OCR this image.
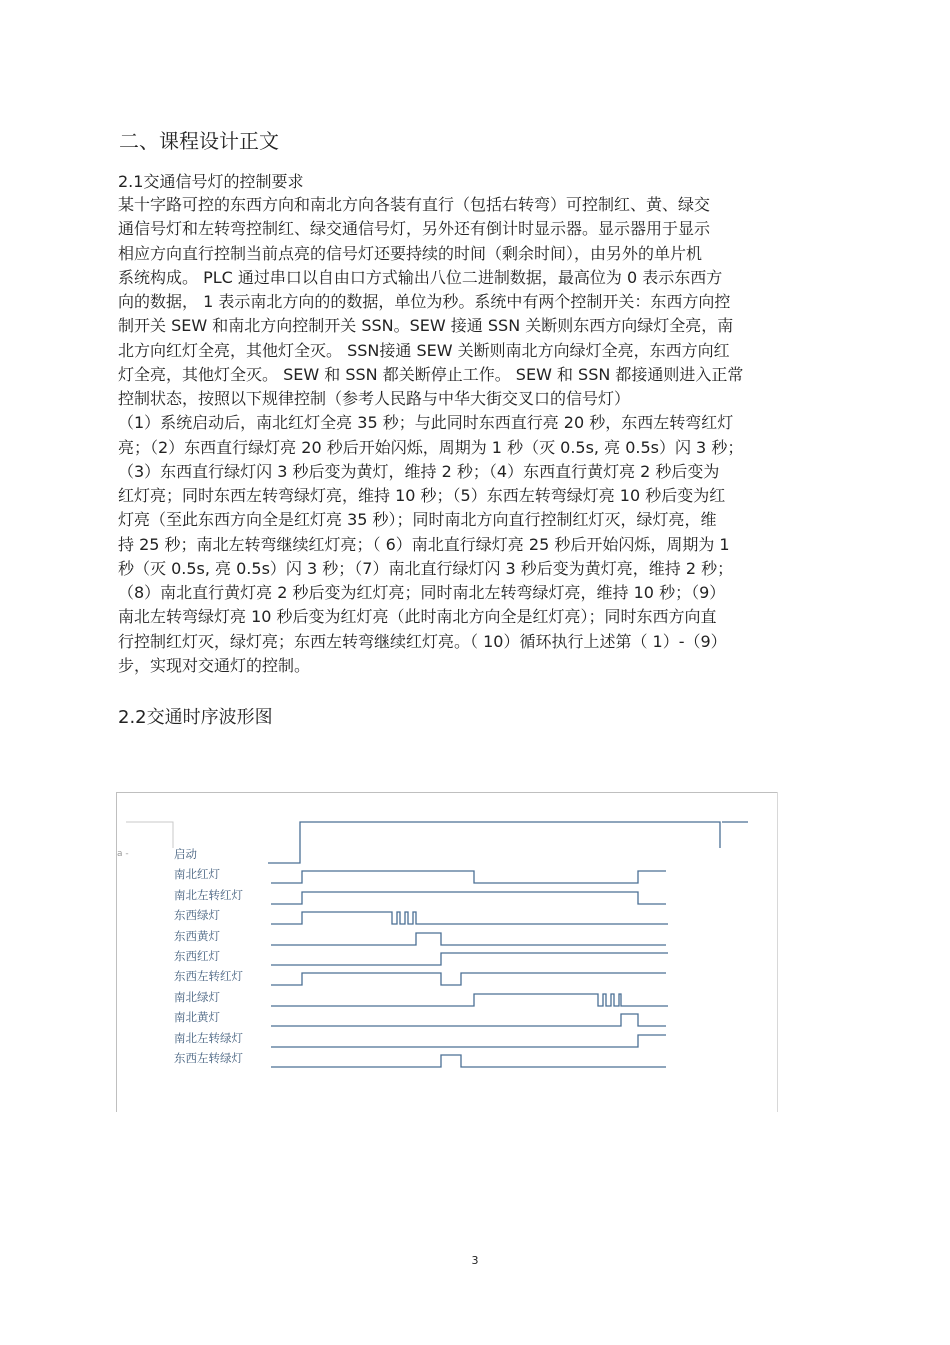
二、课程设计正文
2.1交通信号灯的控制要求
某十字路可控的东西方向和南北方向各装有直行（包括右转弯）可控制红、黄、绿交
通信号灯和左转弯控制红、绿交通信号灯，另外还有倒计时显示器。显示器用于显示
相应方向直行控制当前点亮的信号灯还要持续的时间（剩余时间），由另外的单片机
系统构成。 PLC 通过串口以自由口方式输出八位二进制数据，最高位为 0 表示东西方
向的数据， 1 表示南北方向的的数据，单位为秒。系统中有两个控制开关：东西方向控
制开关 SEW 和南北方向控制开关 SSN。SEW 接通 SSN 关断则东西方向绿灯全亮，南
北方向红灯全亮，其他灯全灭。 SSN接通 SEW 关断则南北方向绿灯全亮，东西方向红
灯全亮，其他灯全灭。 SEW 和 SSN 都关断停止工作。 SEW 和 SSN 都接通则进入正常
控制状态，按照以下规律控制（参考人民路与中华大街交叉口的信号灯）
（1）系统启动后，南北红灯全亮 35 秒；与此同时东西直行亮 20 秒，东西左转弯红灯
亮；（2）东西直行绿灯亮 20 秒后开始闪烁，周期为 1 秒（灭 0.5s, 亮 0.5s）闪 3 秒；
（3）东西直行绿灯闪 3 秒后变为黄灯，维持 2 秒；（4）东西直行黄灯亮 2 秒后变为
红灯亮；同时东西左转弯绿灯亮，维持 10 秒；（5）东西左转弯绿灯亮 10 秒后变为红
灯亮（至此东西方向全是红灯亮 35 秒）；同时南北方向直行控制红灯灭，绿灯亮，维
持 25 秒；南北左转弯继续红灯亮；（ 6）南北直行绿灯亮 25 秒后开始闪烁，周期为 1
秒（灭 0.5s, 亮 0.5s）闪 3 秒；（7）南北直行绿灯闪 3 秒后变为黄灯亮，维持 2 秒；
（8）南北直行黄灯亮 2 秒后变为红灯亮；同时南北左转弯绿灯亮，维持 10 秒；（9）
南北左转弯绿灯亮 10 秒后变为红灯亮（此时南北方向全是红灯亮）；同时东西方向直
行控制红灯灭，绿灯亮；东西左转弯继续红灯亮。（ 10）循环执行上述第（ 1）-（9）
步，实现对交通灯的控制。
2.2交通时序波形图
a -	启动
南北红灯
南北左转红灯
东西绿灯
东西黄灯
东西红灯
东西左转红灯
南北绿灯
南北黄灯
南北左转绿灯
东西左转绿灯
3
